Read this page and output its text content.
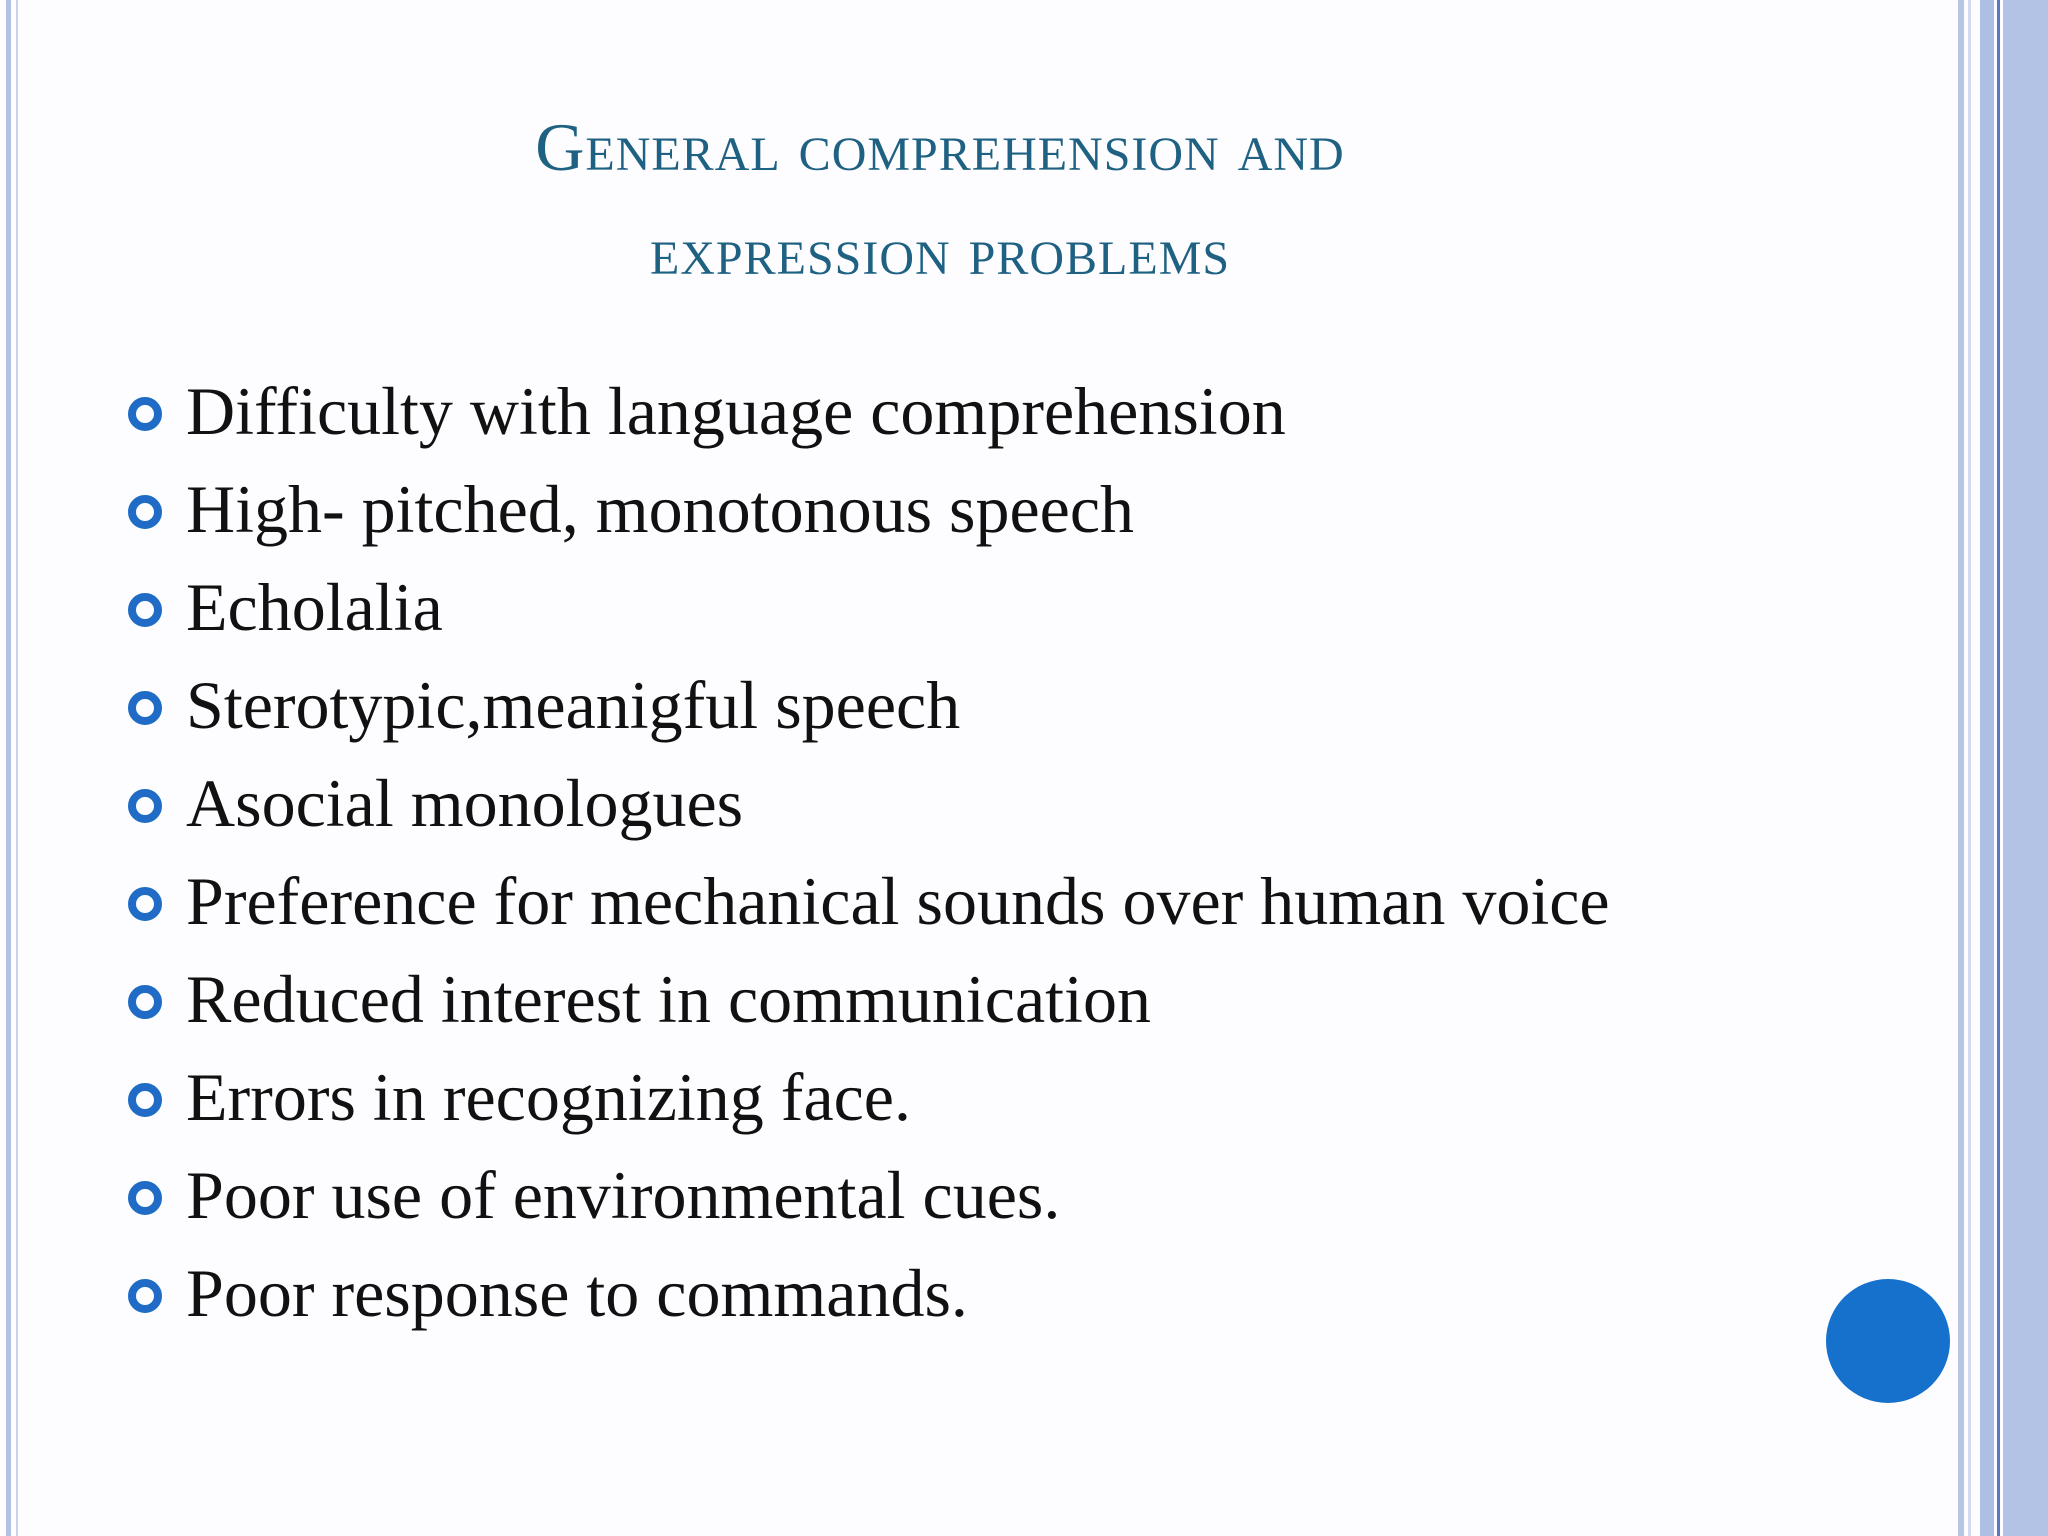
General comprehension and
expression problems
Difficulty with language comprehension
High- pitched, monotonous speech
Echolalia
Sterotypic,meanigful speech
Asocial monologues
Preference for mechanical sounds over human voice
Reduced interest in communication
Errors in recognizing face.
Poor use of environmental cues.
Poor response to commands.
